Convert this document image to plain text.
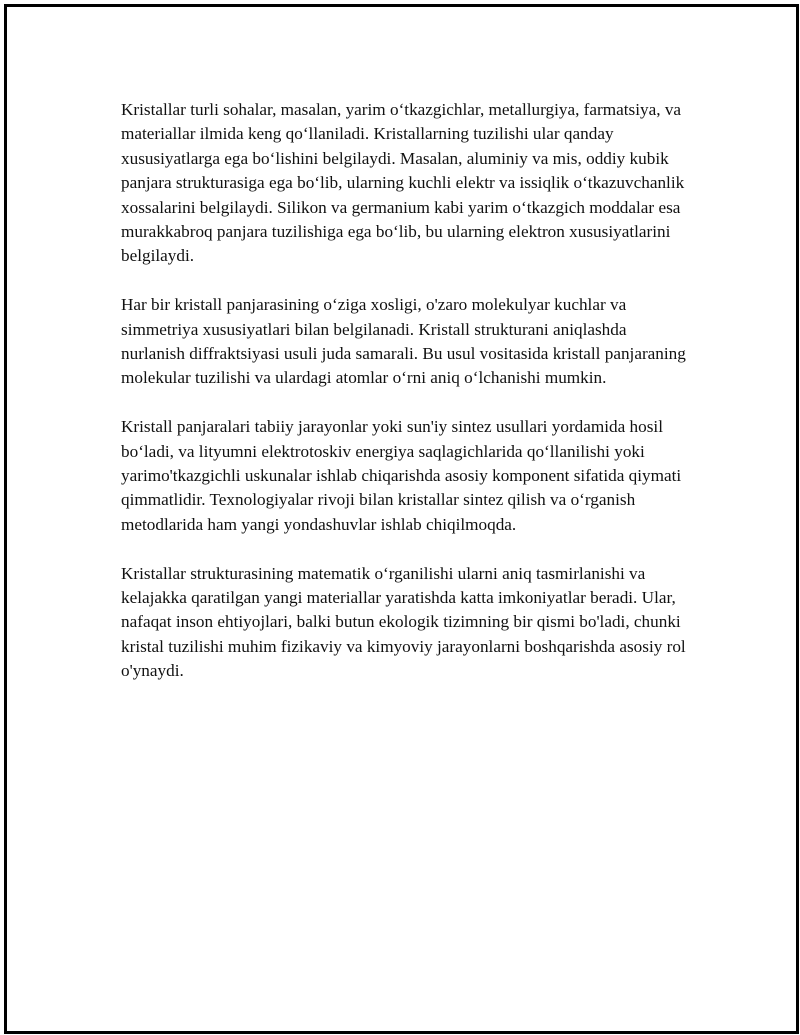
Kristallar turli sohalar, masalan, yarim o‘tkazgichlar, metallurgiya, farmatsiya, va materiallar ilmida keng qo‘llaniladi. Kristallarning tuzilishi ular qanday xususiyatlarga ega bo‘lishini belgilaydi. Masalan, aluminiy va mis, oddiy kubik panjara strukturasiga ega bo‘lib, ularning kuchli elektr va issiqlik o‘tkazuvchanlik xossalarini belgilaydi. Silikon va germanium kabi yarim o‘tkazgich moddalar esa murakkabroq panjara tuzilishiga ega bo‘lib, bu ularning elektron xususiyatlarini belgilaydi.

Har bir kristall panjarasining o‘ziga xosligi, o'zaro molekulyar kuchlar va simmetriya xususiyatlari bilan belgilanadi. Kristall strukturani aniqlashda nurlanish diffraktsiyasi usuli juda samarali. Bu usul vositasida kristall panjaraning molekular tuzilishi va ulardagi atomlar o‘rni aniq o‘lchanishi mumkin.

Kristall panjaralari tabiiy jarayonlar yoki sun'iy sintez usullari yordamida hosil bo‘ladi, va lityumni elektrotoskiv energiya saqlagichlarida qo‘llanilishi yoki yarimo'tkazgichli uskunalar ishlab chiqarishda asosiy komponent sifatida qiymati qimmatlidir. Texnologiyalar rivoji bilan kristallar sintez qilish va o‘rganish metodlarida ham yangi yondashuvlar ishlab chiqilmoqda.

Kristallar strukturasining matematik o‘rganilishi ularni aniq tasmirlanishi va kelajakka qaratilgan yangi materiallar yaratishda katta imkoniyatlar beradi. Ular, nafaqat inson ehtiyojlari, balki butun ekologik tizimning bir qismi bo'ladi, chunki kristal tuzilishi muhim fizikaviy va kimyoviy jarayonlarni boshqarishda asosiy rol o'ynaydi.
